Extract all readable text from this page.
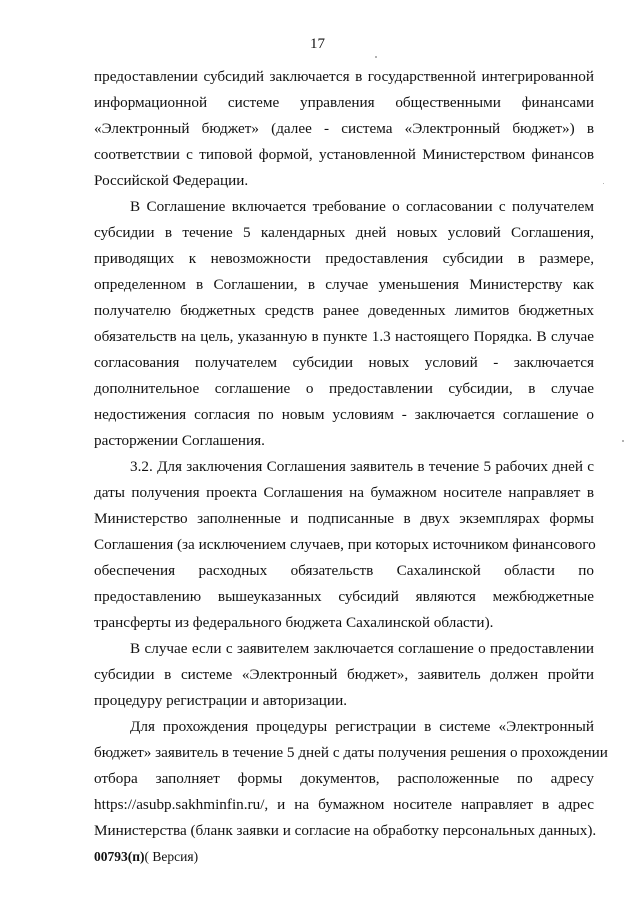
17
предоставлении субсидий заключается в государственной интегрированной
информационной системе управления общественными финансами
«Электронный бюджет» (далее - система «Электронный бюджет») в
соответствии с типовой формой, установленной Министерством финансов
Российской Федерации.
В Соглашение включается требование о согласовании с получателем
субсидии в течение 5 календарных дней новых условий Соглашения,
приводящих к невозможности предоставления субсидии в размере,
определенном в Соглашении, в случае уменьшения Министерству как
получателю бюджетных средств ранее доведенных лимитов бюджетных
обязательств на цель, указанную в пункте 1.3 настоящего Порядка. В случае
согласования получателем субсидии новых условий - заключается
дополнительное соглашение о предоставлении субсидии, в случае
недостижения согласия по новым условиям - заключается соглашение о
расторжении Соглашения.
3.2. Для заключения Соглашения заявитель в течение 5 рабочих дней с
даты получения проекта Соглашения на бумажном носителе направляет в
Министерство заполненные и подписанные в двух экземплярах формы
Соглашения (за исключением случаев, при которых источником финансового
обеспечения расходных обязательств Сахалинской области по
предоставлению вышеуказанных субсидий являются межбюджетные
трансферты из федерального бюджета Сахалинской области).
В случае если с заявителем заключается соглашение о предоставлении
субсидии в системе «Электронный бюджет», заявитель должен пройти
процедуру регистрации и авторизации.
Для прохождения процедуры регистрации в системе «Электронный
бюджет» заявитель в течение 5 дней с даты получения решения о прохождении
отбора заполняет формы документов, расположенные по адресу
https://asubp.sakhminfin.ru/, и на бумажном носителе направляет в адрес
Министерства (бланк заявки и согласие на обработку персональных данных).
00793(п)( Версия)
